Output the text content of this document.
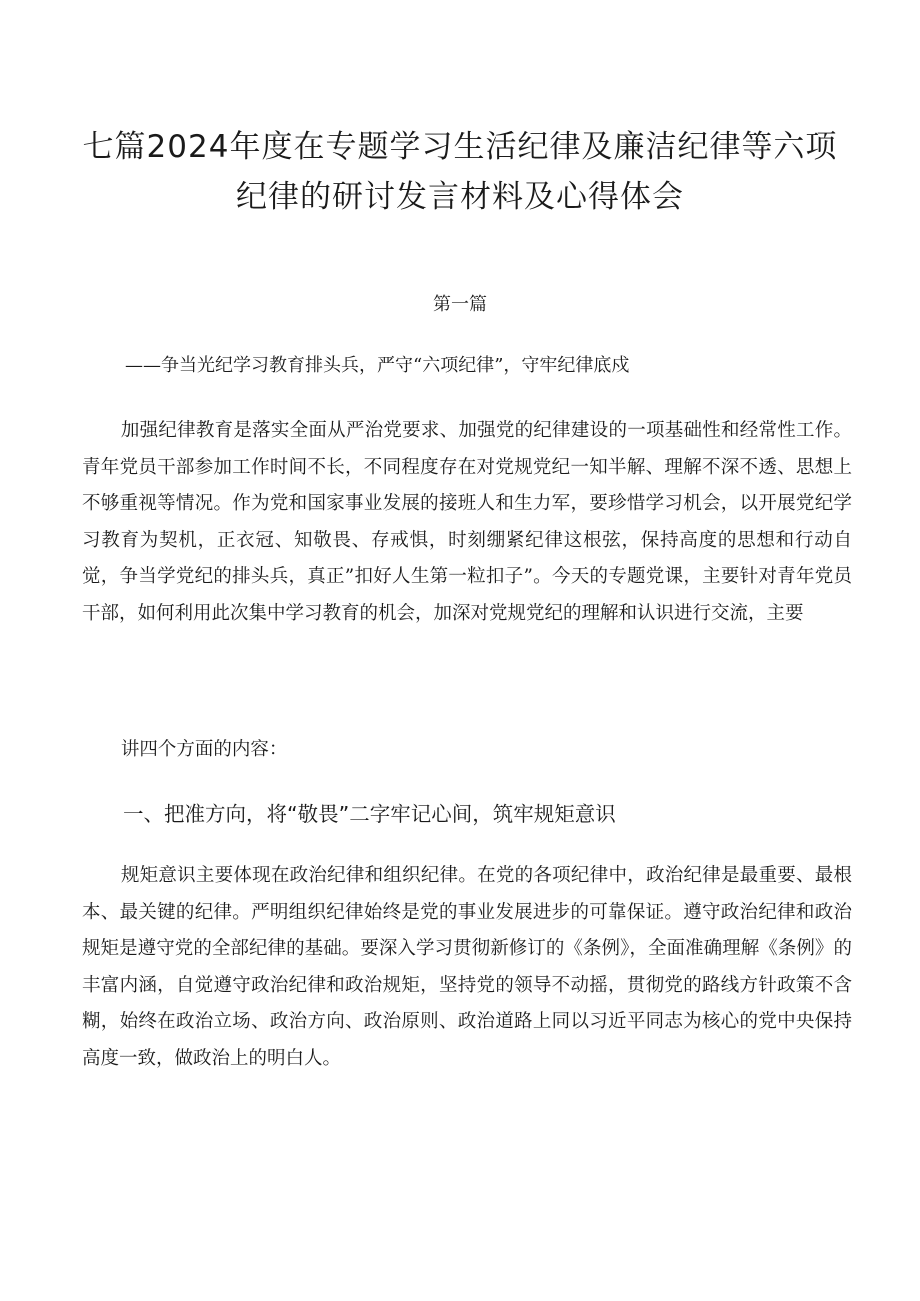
七篇2024年度在专题学习生活纪律及廉洁纪律等六项纪律的研讨发言材料及心得体会
第一篇
——争当光纪学习教育排头兵，严守“六项纪律”，守牢纪律底戍

加强纪律教育是落实全面从严治党要求、加强党的纪律建设的一项基础性和经常性工作。青年党员干部参加工作时间不长，不同程度存在对党规党纪一知半解、理解不深不透、思想上不够重视等情况。作为党和国家事业发展的接班人和生力军，要珍惜学习机会，以开展党纪学习教育为契机，正衣冠、知敬畏、存戒惧，时刻绷紧纪律这根弦，保持高度的思想和行动自觉，争当学党纪的排头兵，真正”扣好人生第一粒扣子”。今天的专题党课，主要针对青年党员干部，如何利用此次集中学习教育的机会，加深对党规党纪的理解和认识进行交流，主要

讲四个方面的内容：

一、把准方向，将“敬畏”二字牢记心间，筑牢规矩意识

规矩意识主要体现在政治纪律和组织纪律。在党的各项纪律中，政治纪律是最重要、最根本、最关键的纪律。严明组织纪律始终是党的事业发展进步的可靠保证。遵守政治纪律和政治规矩是遵守党的全部纪律的基础。要深入学习贯彻新修订的《条例》，全面准确理解《条例》的丰富内涵，自觉遵守政治纪律和政治规矩，坚持党的领导不动摇，贯彻党的路线方针政策不含糊，始终在政治立场、政治方向、政治原则、政治道路上同以习近平同志为核心的党中央保持高度一致，做政治上的明白人。
